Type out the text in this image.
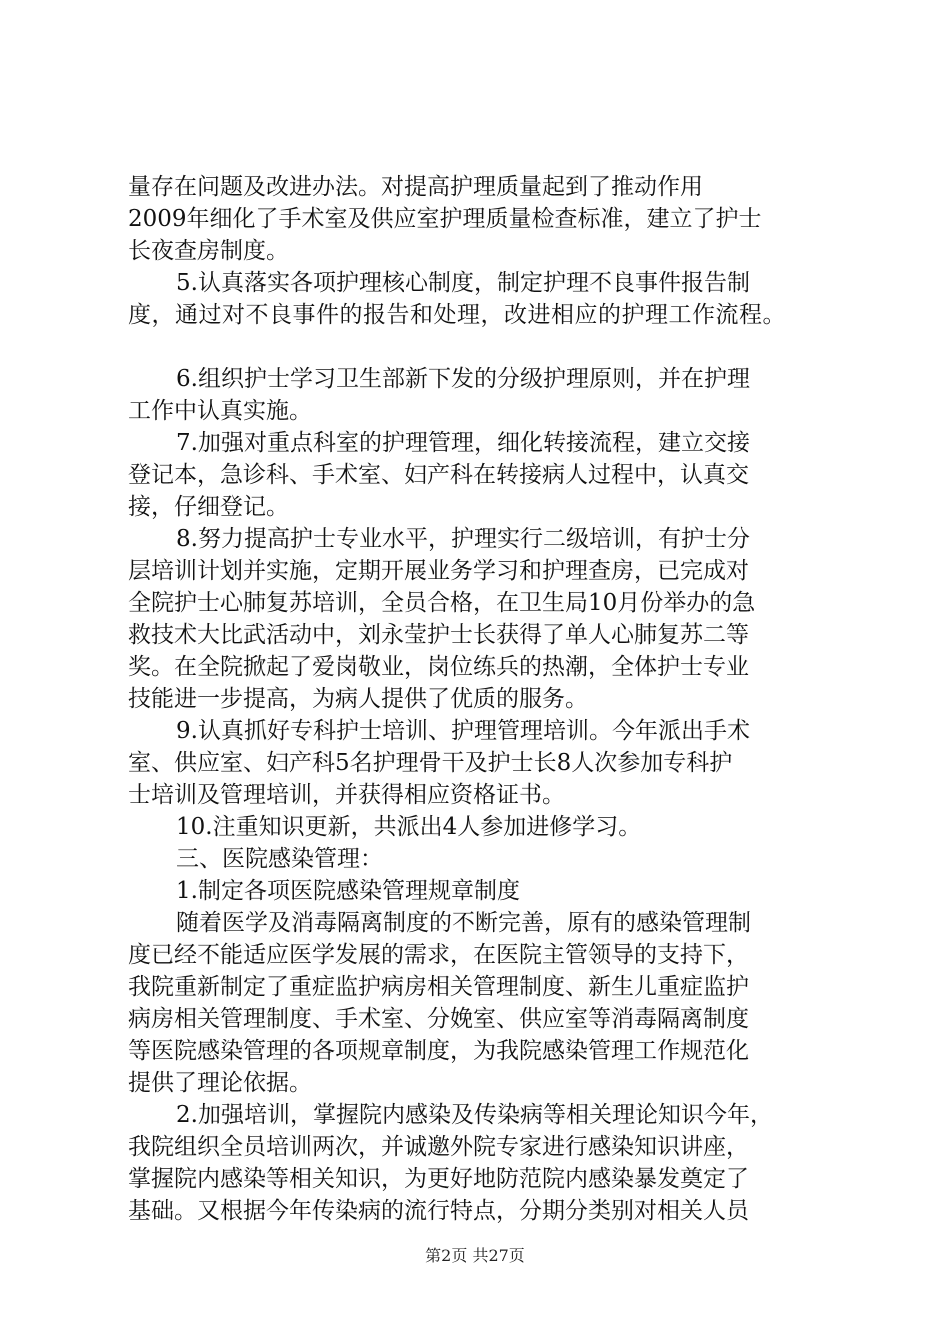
量存在问题及改进办法。对提高护理质量起到了推动作用
2009年细化了手术室及供应室护理质量检查标准，建立了护士
长夜查房制度。
5.认真落实各项护理核心制度，制定护理不良事件报告制
度，通过对不良事件的报告和处理，改进相应的护理工作流程。
6.组织护士学习卫生部新下发的分级护理原则，并在护理
工作中认真实施。
7.加强对重点科室的护理管理，细化转接流程，建立交接
登记本，急诊科、手术室、妇产科在转接病人过程中，认真交
接，仔细登记。
8.努力提高护士专业水平，护理实行二级培训，有护士分
层培训计划并实施，定期开展业务学习和护理查房，已完成对
全院护士心肺复苏培训，全员合格，在卫生局10月份举办的急
救技术大比武活动中，刘永莹护士长获得了单人心肺复苏二等
奖。在全院掀起了爱岗敬业，岗位练兵的热潮，全体护士专业
技能进一步提高，为病人提供了优质的服务。
9.认真抓好专科护士培训、护理管理培训。今年派出手术
室、供应室、妇产科5名护理骨干及护士长8人次参加专科护
士培训及管理培训，并获得相应资格证书。
10.注重知识更新，共派出4人参加进修学习。
三、医院感染管理：
1.制定各项医院感染管理规章制度
随着医学及消毒隔离制度的不断完善，原有的感染管理制
度已经不能适应医学发展的需求，在医院主管领导的支持下，
我院重新制定了重症监护病房相关管理制度、新生儿重症监护
病房相关管理制度、手术室、分娩室、供应室等消毒隔离制度
等医院感染管理的各项规章制度，为我院感染管理工作规范化
提供了理论依据。
2.加强培训，掌握院内感染及传染病等相关理论知识今年，
我院组织全员培训两次，并诚邀外院专家进行感染知识讲座，
掌握院内感染等相关知识，为更好地防范院内感染暴发奠定了
基础。又根据今年传染病的流行特点，分期分类别对相关人员
第2页 共27页
